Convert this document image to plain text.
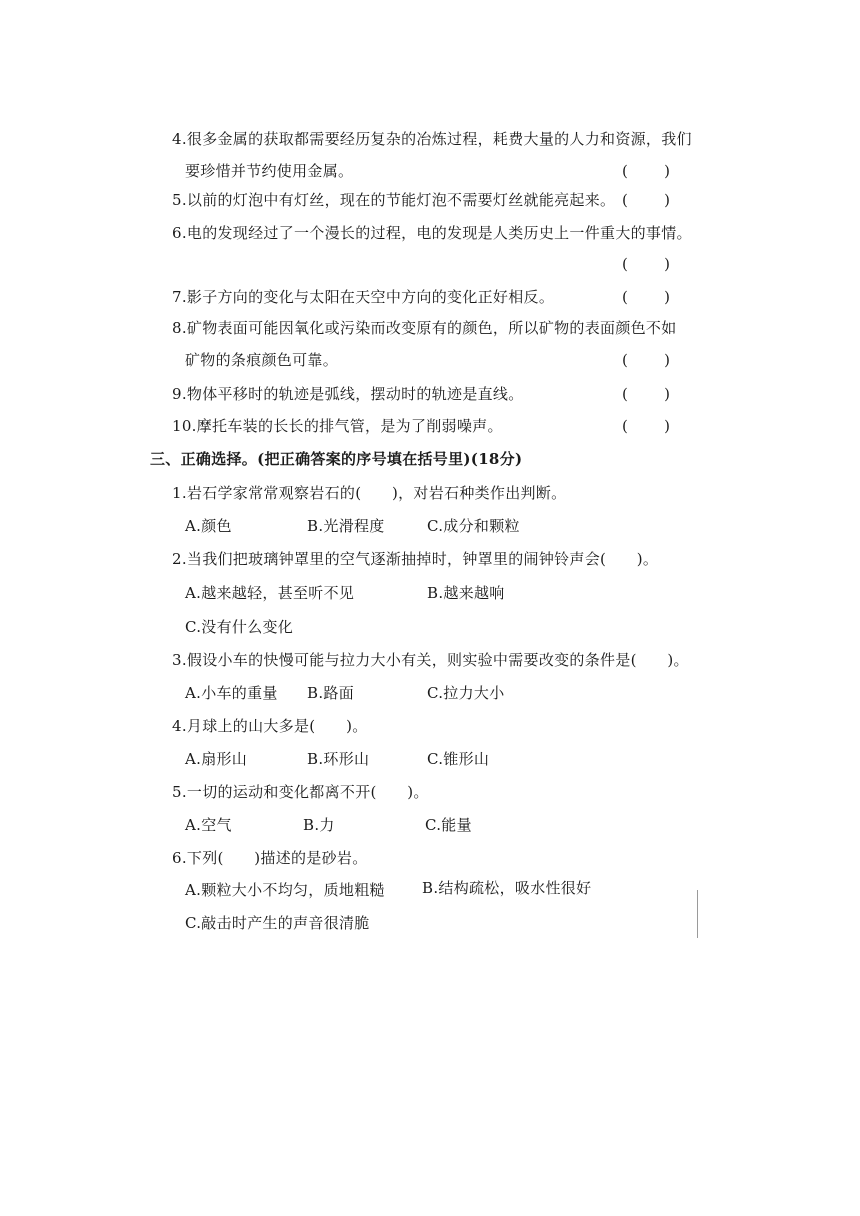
4.很多金属的获取都需要经历复杂的冶炼过程，耗费大量的人力和资源，我们
要珍惜并节约使用金属。	( )
5.以前的灯泡中有灯丝，现在的节能灯泡不需要灯丝就能亮起来。 ( )
6.电的发现经过了一个漫长的过程，电的发现是人类历史上一件重大的事情。
( )
7.影子方向的变化与太阳在天空中方向的变化正好相反。	( )
8.矿物表面可能因氧化或污染而改变原有的颜色，所以矿物的表面颜色不如
矿物的条痕颜色可靠。	( )
9.物体平移时的轨迹是弧线，摆动时的轨迹是直线。	( )
10.摩托车装的长长的排气管，是为了削弱噪声。	( )
三、正确选择。(把正确答案的序号填在括号里)(18分)
1.岩石学家常常观察岩石的(　　)，对岩石种类作出判断。
A.颜色	B.光滑程度	C.成分和颗粒
2.当我们把玻璃钟罩里的空气逐渐抽掉时，钟罩里的闹钟铃声会(　　)。
A.越来越轻，甚至听不见	B.越来越响
C.没有什么变化
3.假设小车的快慢可能与拉力大小有关，则实验中需要改变的条件是(　　)。
A.小车的重量 B.路面	C.拉力大小
4.月球上的山大多是(　　)。
A.扇形山	B.环形山	C.锥形山
5.一切的运动和变化都离不开(　　)。
A.空气	B.力	C.能量
6.下列(　　)描述的是砂岩。
A.颗粒大小不均匀，质地粗糙 B.结构疏松，吸水性很好
C.敲击时产生的声音很清脆
